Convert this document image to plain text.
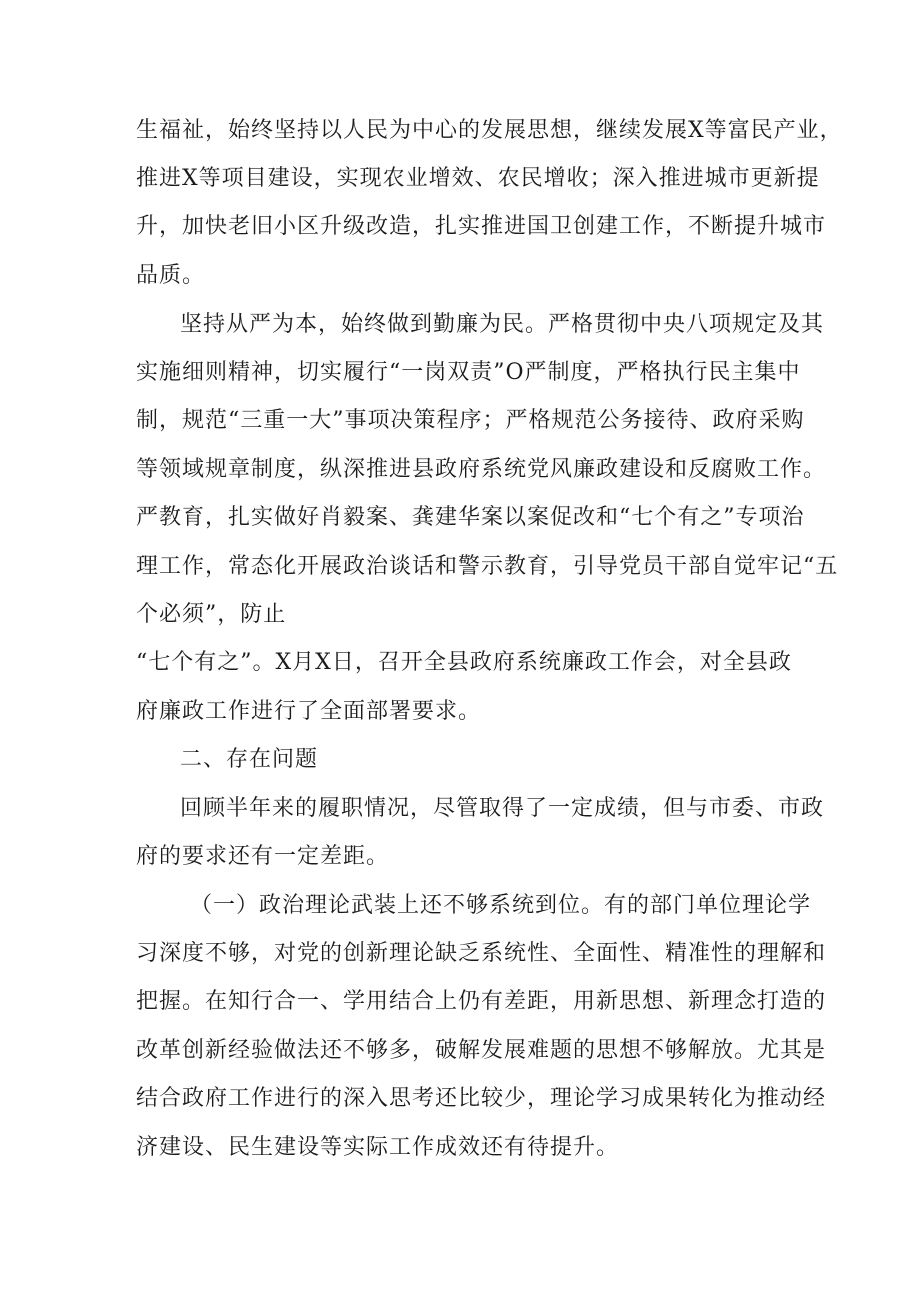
生福祉，始终坚持以人民为中心的发展思想，继续发展X等富民产业，
推进X等项目建设，实现农业增效、农民增收；深入推进城市更新提
升，加快老旧小区升级改造，扎实推进国卫创建工作，不断提升城市
品质。
坚持从严为本，始终做到勤廉为民。严格贯彻中央八项规定及其
实施细则精神，切实履行“一岗双责”O严制度，严格执行民主集中
制，规范“三重一大”事项决策程序；严格规范公务接待、政府采购
等领域规章制度，纵深推进县政府系统党风廉政建设和反腐败工作。
严教育，扎实做好肖毅案、龚建华案以案促改和“七个有之”专项治
理工作，常态化开展政治谈话和警示教育，引导党员干部自觉牢记“五
个必须”，防止
“七个有之”。X月X日，召开全县政府系统廉政工作会，对全县政
府廉政工作进行了全面部署要求。
二、存在问题
回顾半年来的履职情况，尽管取得了一定成绩，但与市委、市政
府的要求还有一定差距。
（一）政治理论武装上还不够系统到位。有的部门单位理论学
习深度不够，对党的创新理论缺乏系统性、全面性、精准性的理解和
把握。在知行合一、学用结合上仍有差距，用新思想、新理念打造的
改革创新经验做法还不够多，破解发展难题的思想不够解放。尤其是
结合政府工作进行的深入思考还比较少，理论学习成果转化为推动经
济建设、民生建设等实际工作成效还有待提升。
